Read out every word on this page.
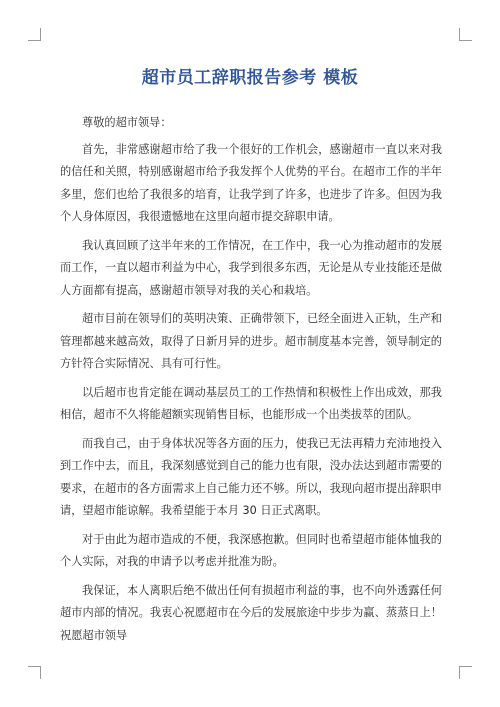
超市员工辞职报告参考 模板

尊敬的超市领导：

首先，非常感谢超市给了我一个很好的工作机会，感谢超市一直以来对我的信任和关照，特别感谢超市给予我发挥个人优势的平台。在超市工作的半年多里，您们也给了我很多的培育，让我学到了许多，也进步了许多。但因为我个人身体原因，我很遗憾地在这里向超市提交辞职申请。

我认真回顾了这半年来的工作情况，在工作中，我一心为推动超市的发展而工作，一直以超市利益为中心，我学到很多东西，无论是从专业技能还是做人方面都有提高，感谢超市领导对我的关心和栽培。

超市目前在领导们的英明决策、正确带领下，已经全面进入正轨，生产和管理都越来越高效，取得了日新月异的进步。超市制度基本完善，领导制定的方针符合实际情况、具有可行性。

以后超市也肯定能在调动基层员工的工作热情和积极性上作出成效，那我相信，超市不久将能超额实现销售目标，也能形成一个出类拔萃的团队。

而我自己，由于身体状况等各方面的压力，使我已无法再精力充沛地投入到工作中去，而且，我深刻感觉到自己的能力也有限，没办法达到超市需要的要求，在超市的各方面需求上自己能力还不够。所以，我现向超市提出辞职申请，望超市能谅解。我希望能于本月 30 日正式离职。

对于由此为超市造成的不便，我深感抱歉。但同时也希望超市能体恤我的个人实际，对我的申请予以考虑并批准为盼。

我保证，本人离职后绝不做出任何有损超市利益的事，也不向外透露任何超市内部的情况。我衷心祝愿超市在今后的发展旅途中步步为赢、蒸蒸日上！祝愿超市领导
